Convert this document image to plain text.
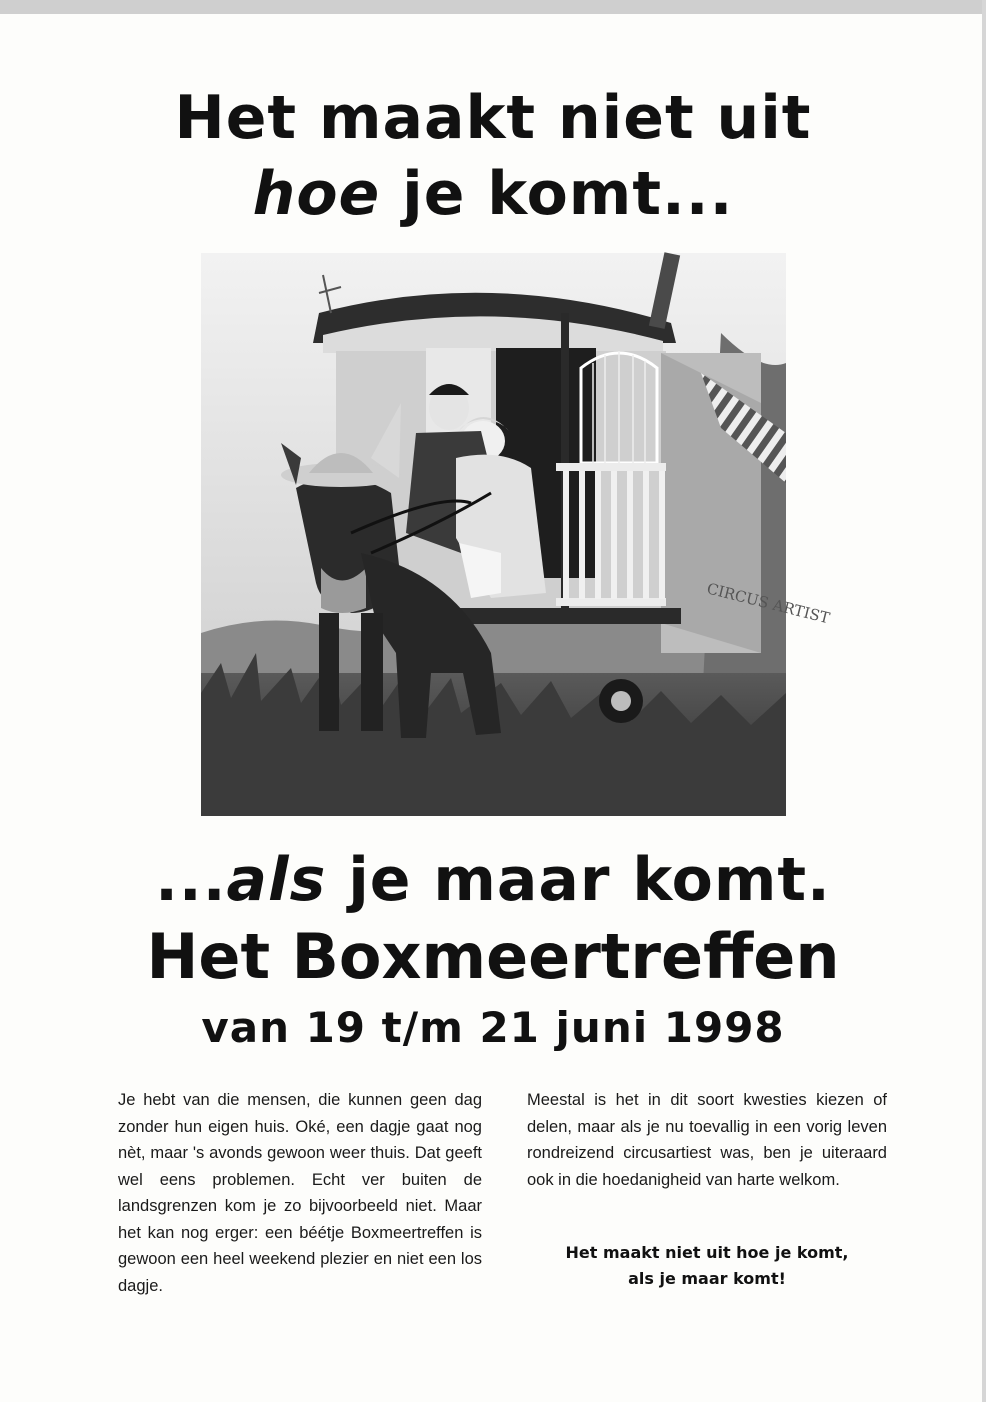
Het maakt niet uit
hoe je komt...
CIRCUS ARTIST
...als je maar komt.
Het Boxmeertreffen
van 19 t/m 21 juni 1998

Je hebt van die mensen, die kunnen geen dag zonder hun eigen huis. Oké, een dagje gaat nog nèt, maar 's avonds gewoon weer thuis. Dat geeft wel eens problemen. Echt ver buiten de landsgrenzen kom je zo bijvoorbeeld niet. Maar het kan nog erger: een béétje Boxmeertreffen is gewoon een heel weekend plezier en niet een los dagje.

Meestal is het in dit soort kwesties kiezen of delen, maar als je nu toevallig in een vorig leven rondreizend circusartiest was, ben je uiteraard ook in die hoedanigheid van harte welkom.

Het maakt niet uit hoe je komt,
als je maar komt!
